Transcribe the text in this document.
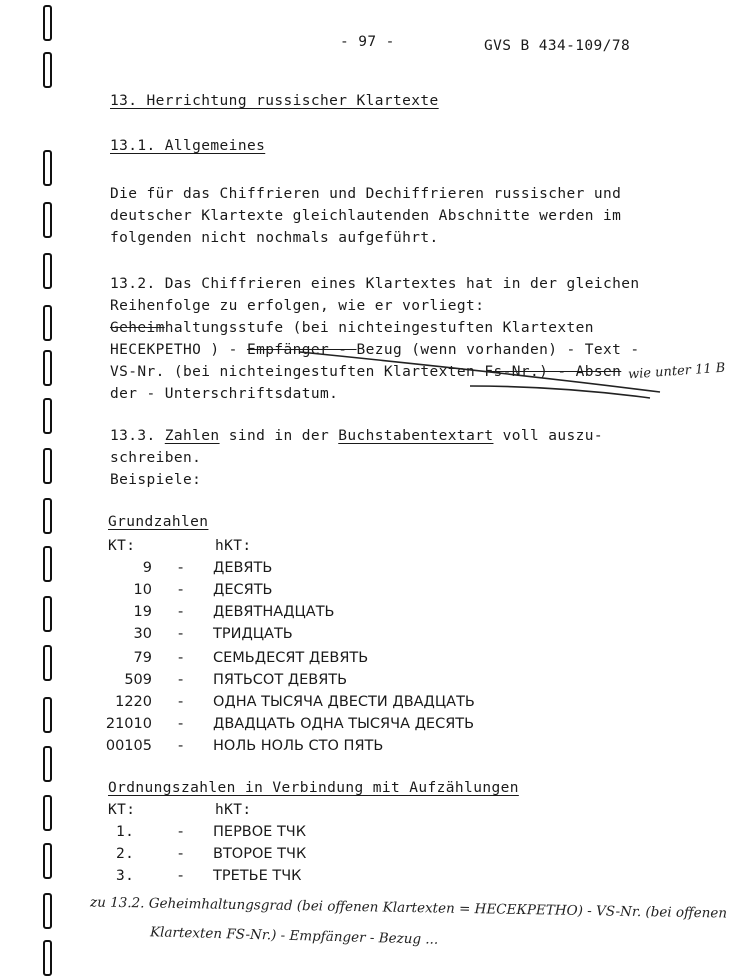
- 97 -	GVS B 434-109/78
13. Herrichtung russischer Klartexte
13.1. Allgemeines
Die für das Chiffrieren und Dechiffrieren russischer und
deutscher Klartexte gleichlautenden Abschnitte werden im
folgenden nicht nochmals aufgeführt.
13.2. Das Chiffrieren eines Klartextes hat in der gleichen
Reihenfolge zu erfolgen, wie er vorliegt:
Geheimhaltungsstufe (bei nichteingestuften Klartexten
НЕСЕКРЕТНО ) - Empfänger - Bezug (wenn vorhanden) - Text -
VS-Nr. (bei nichteingestuften Klartexten Fs-Nr.) - Absen
der - Unterschriftsdatum.
wie unter 11 B
13.3. Zahlen sind in der Buchstabentextart voll auszu-
schreiben.
Beispiele:
Grundzahlen
KT:	hKT:
9 - ДЕВЯТЬ
10 - ДЕСЯТЬ
19 - ДЕВЯТНАДЦАТЬ
30 - ТРИДЦАТЬ
79 - СЕМЬДЕСЯТ ДЕВЯТЬ
509 - ПЯТЬСОТ ДЕВЯТЬ
1220 - ОДНА ТЫСЯЧА ДВЕСТИ ДВАДЦАТЬ
21010 - ДВАДЦАТЬ ОДНА ТЫСЯЧА ДЕСЯТЬ
00105 - НОЛЬ НОЛЬ СТО ПЯТЬ
Ordnungszahlen in Verbindung mit Aufzählungen
KT:	hKT:
1.	- ПЕРВОЕ ТЧК
2.	- ВТОРОЕ ТЧК
3.	- ТРЕТЬЕ ТЧК
zu 13.2. Geheimhaltungsgrad (bei offenen Klartexten = НЕСЕКРЕТНО) - VS-Nr. (bei offenen
Klartexten FS-Nr.) - Empfänger - Bezug ...
